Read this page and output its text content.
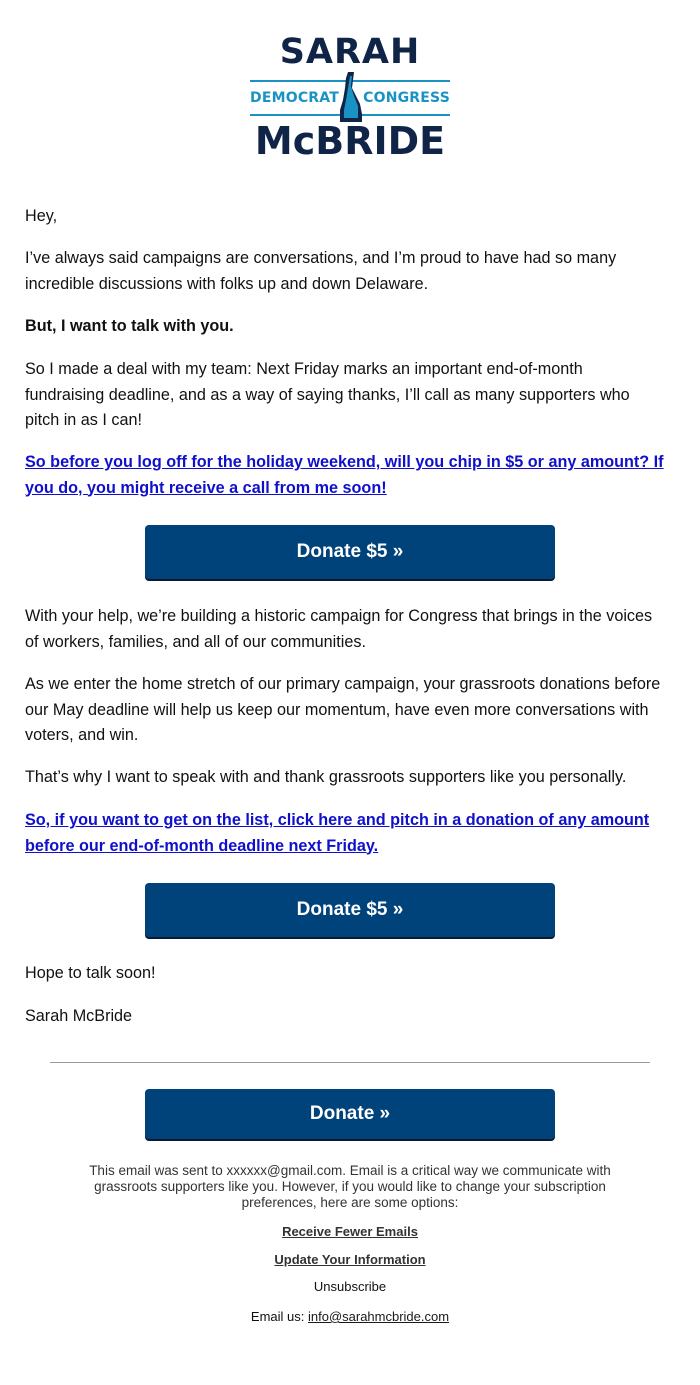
SARAH
DEMOCRAT CONGRESS
McBRIDE

Hey,

I’ve always said campaigns are conversations, and I’m proud to have had so many incredible discussions with folks up and down Delaware.

But, I want to talk with you.

So I made a deal with my team: Next Friday marks an important end-of-month fundraising deadline, and as a way of saying thanks, I’ll call as many supporters who pitch in as I can!

So before you log off for the holiday weekend, will you chip in $5 or any amount? If you do, you might receive a call from me soon!

Donate $5 »

With your help, we’re building a historic campaign for Congress that brings in the voices of workers, families, and all of our communities.

As we enter the home stretch of our primary campaign, your grassroots donations before our May deadline will help us keep our momentum, have even more conversations with voters, and win.

That’s why I want to speak with and thank grassroots supporters like you personally.

So, if you want to get on the list, click here and pitch in a donation of any amount before our end-of-month deadline next Friday.

Donate $5 »

Hope to talk soon!

Sarah McBride

Donate »

This email was sent to xxxxxx@gmail.com. Email is a critical way we communicate with grassroots supporters like you. However, if you would like to change your subscription preferences, here are some options:

Receive Fewer Emails
Update Your Information
Unsubscribe
Email us: info@sarahmcbride.com
